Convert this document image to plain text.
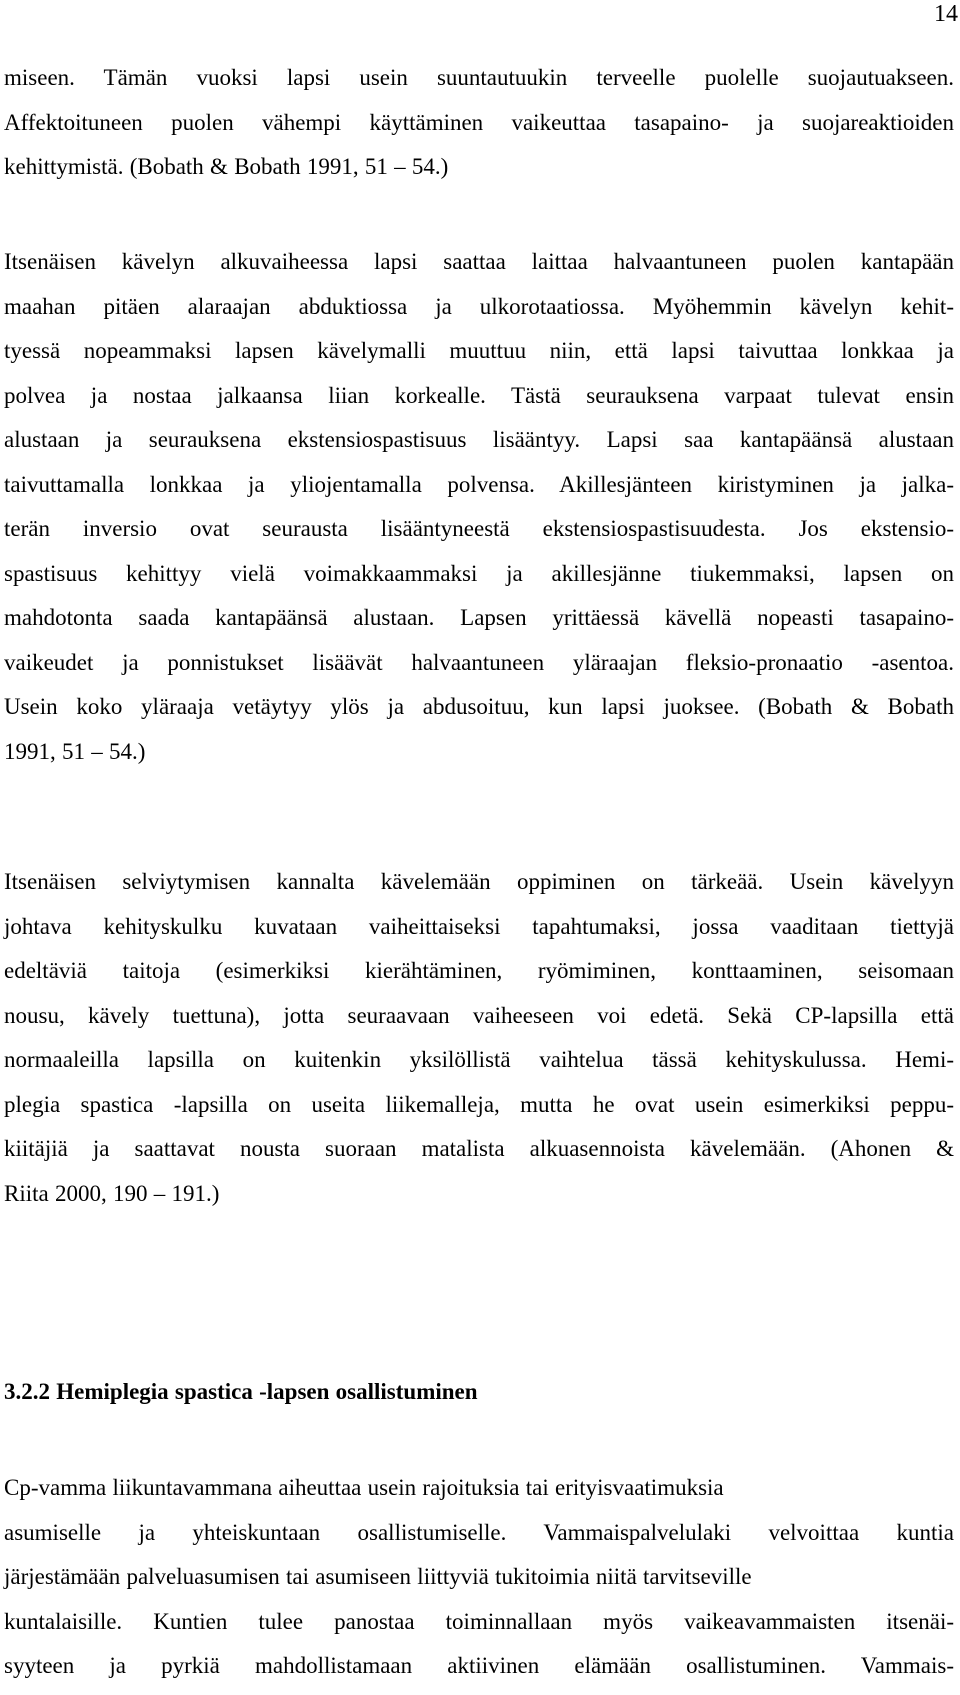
14
miseen. Tämän vuoksi lapsi usein suuntautuukin terveelle puolelle suojautuakseen.
Affektoituneen puolen vähempi käyttäminen vaikeuttaa tasapaino- ja suojareaktioiden
kehittymistä. (Bobath & Bobath 1991, 51 – 54.)
Itsenäisen kävelyn alkuvaiheessa lapsi saattaa laittaa halvaantuneen puolen kantapään
maahan pitäen alaraajan abduktiossa ja ulkorotaatiossa. Myöhemmin kävelyn kehit-
tyessä nopeammaksi lapsen kävelymalli muuttuu niin, että lapsi taivuttaa lonkkaa ja
polvea ja nostaa jalkaansa liian korkealle. Tästä seurauksena varpaat tulevat ensin
alustaan ja seurauksena ekstensiospastisuus lisääntyy. Lapsi saa kantapäänsä alustaan
taivuttamalla lonkkaa ja yliojentamalla polvensa. Akillesjänteen kiristyminen ja jalka-
terän inversio ovat seurausta lisääntyneestä ekstensiospastisuudesta. Jos ekstensio-
spastisuus kehittyy vielä voimakkaammaksi ja akillesjänne tiukemmaksi, lapsen on
mahdotonta saada kantapäänsä alustaan. Lapsen yrittäessä kävellä nopeasti tasapaino-
vaikeudet ja ponnistukset lisäävät halvaantuneen yläraajan fleksio-pronaatio -asentoa.
Usein koko yläraaja vetäytyy ylös ja abdusoituu, kun lapsi juoksee. (Bobath & Bobath
1991, 51 – 54.)
Itsenäisen selviytymisen kannalta kävelemään oppiminen on tärkeää. Usein kävelyyn
johtava kehityskulku kuvataan vaiheittaiseksi tapahtumaksi, jossa vaaditaan tiettyjä
edeltäviä taitoja (esimerkiksi kierähtäminen, ryömiminen, konttaaminen, seisomaan
nousu, kävely tuettuna), jotta seuraavaan vaiheeseen voi edetä. Sekä CP-lapsilla että
normaaleilla lapsilla on kuitenkin yksilöllistä vaihtelua tässä kehityskulussa. Hemi-
plegia spastica -lapsilla on useita liikemalleja, mutta he ovat usein esimerkiksi peppu-
kiitäjiä ja saattavat nousta suoraan matalista alkuasennoista kävelemään. (Ahonen &
Riita 2000, 190 – 191.)
3.2.2 Hemiplegia spastica -lapsen osallistuminen
Cp-vamma liikuntavammana aiheuttaa usein rajoituksia tai erityisvaatimuksia
asumiselle ja yhteiskuntaan osallistumiselle. Vammaispalvelulaki velvoittaa kuntia
järjestämään palveluasumisen tai asumiseen liittyviä tukitoimia niitä tarvitseville
kuntalaisille. Kuntien tulee panostaa toiminnallaan myös vaikeavammaisten itsenäi-
syyteen ja pyrkiä mahdollistamaan aktiivinen elämään osallistuminen. Vammais-
